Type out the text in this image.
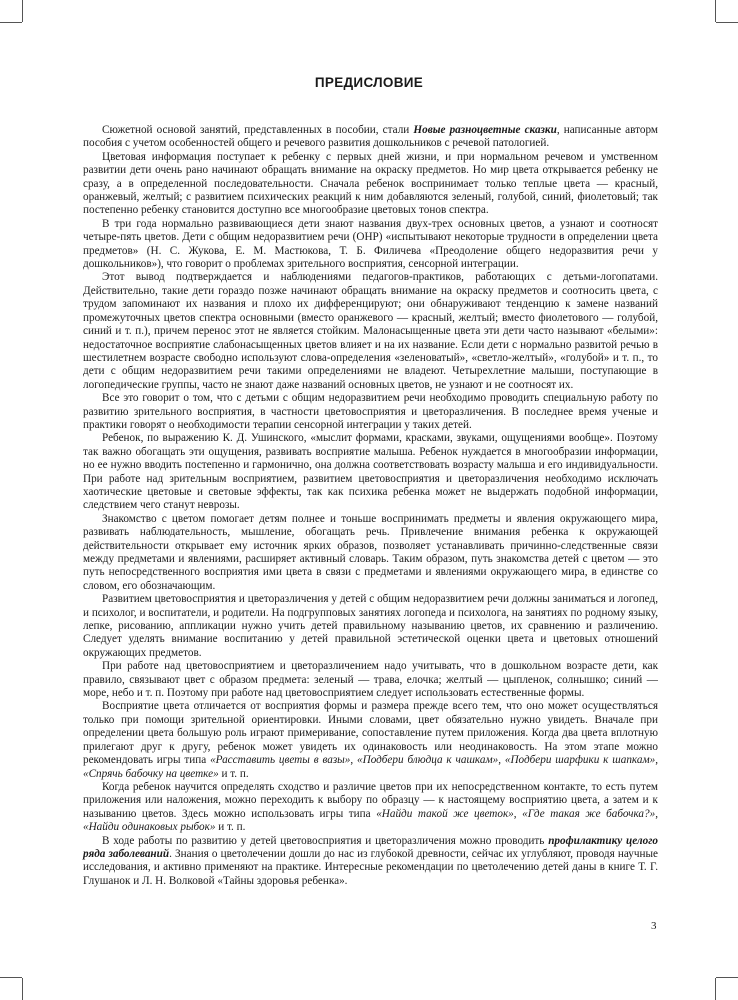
ПРЕДИСЛОВИЕ

Сюжетной основой занятий, представленных в пособии, стали Новые разноцветные сказки, написанные авторм пособия с учетом особенностей общего и речевого развития дошкольников с речевой патологией.

Цветовая информация поступает к ребенку с первых дней жизни, и при нормальном речевом и умственном развитии дети очень рано начинают обращать внимание на окраску предметов. Но мир цвета открывается ребенку не сразу, а в определенной последовательности. Сначала ребенок воспринимает только теплые цвета — красный, оранжевый, желтый; с развитием психических реакций к ним добавляются зеленый, голубой, синий, фиолетовый; так постепенно ребенку становится доступно все многообразие цветовых тонов спектра.

В три года нормально развивающиеся дети знают названия двух-трех основных цветов, а узнают и соотносят четыре-пять цветов. Дети с общим недоразвитием речи (ОНР) «испытывают некоторые трудности в определении цвета предметов» (Н. С. Жукова, Е. М. Мастюкова, Т. Б. Филичева «Преодоление общего недоразвития речи у дошкольников»), что говорит о проблемах зрительного восприятия, сенсорной интеграции.

Этот вывод подтверждается и наблюдениями педагогов-практиков, работающих с детьми-логопатами. Действительно, такие дети гораздо позже начинают обращать внимание на окраску предметов и соотносить цвета, с трудом запоминают их названия и плохо их дифференцируют; они обнаруживают тенденцию к замене названий промежуточных цветов спектра основными (вместо оранжевого — красный, желтый; вместо фиолетового — голубой, синий и т. п.), причем перенос этот не является стойким. Малонасыщенные цвета эти дети часто называют «белыми»: недостаточное восприятие слабонасыщенных цветов влияет и на их название. Если дети с нормально развитой речью в шестилетнем возрасте свободно используют слова-определения «зеленоватый», «светло-желтый», «голубой» и т. п., то дети с общим недоразвитием речи такими определениями не владеют. Четырехлетние малыши, поступающие в логопедические группы, часто не знают даже названий основных цветов, не узнают и не соотносят их.

Все это говорит о том, что с детьми с общим недоразвитием речи необходимо проводить специальную работу по развитию зрительного восприятия, в частности цветовосприятия и цветоразличения. В последнее время ученые и практики говорят о необходимости терапии сенсорной интеграции у таких детей.

Ребенок, по выражению К. Д. Ушинского, «мыслит формами, красками, звуками, ощущениями вообще». Поэтому так важно обогащать эти ощущения, развивать восприятие малыша. Ребенок нуждается в многообразии информации, но ее нужно вводить постепенно и гармонично, она должна соответствовать возрасту малыша и его индивидуальности. При работе над зрительным восприятием, развитием цветовосприятия и цветоразличения необходимо исключать хаотические цветовые и световые эффекты, так как психика ребенка может не выдержать подобной информации, следствием чего станут неврозы.

Знакомство с цветом помогает детям полнее и тоньше воспринимать предметы и явления окружающего мира, развивать наблюдательность, мышление, обогащать речь. Привлечение внимания ребенка к окружающей действительности открывает ему источник ярких образов, позволяет устанавливать причинно-следственные связи между предметами и явлениями, расширяет активный словарь. Таким образом, путь знакомства детей с цветом — это путь непосредственного восприятия ими цвета в связи с предметами и явлениями окружающего мира, в единстве со словом, его обозначающим.

Развитием цветовосприятия и цветоразличения у детей с общим недоразвитием речи должны заниматься и логопед, и психолог, и воспитатели, и родители. На подгрупповых занятиях логопеда и психолога, на занятиях по родному языку, лепке, рисованию, аппликации нужно учить детей правильному называнию цветов, их сравнению и различению. Следует уделять внимание воспитанию у детей правильной эстетической оценки цвета и цветовых отношений окружающих предметов.

При работе над цветовосприятием и цветоразличением надо учитывать, что в дошкольном возрасте дети, как правило, связывают цвет с образом предмета: зеленый — трава, елочка; желтый — цыпленок, солнышко; синий — море, небо и т. п. Поэтому при работе над цветовосприятием следует использовать естественные формы.

Восприятие цвета отличается от восприятия формы и размера прежде всего тем, что оно может осуществляться только при помощи зрительной ориентировки. Иными словами, цвет обязательно нужно увидеть. Вначале при определении цвета большую роль играют примеривание, сопоставление путем приложения. Когда два цвета вплотную прилегают друг к другу, ребенок может увидеть их одинаковость или неодинаковость. На этом этапе можно рекомендовать игры типа «Расставить цветы в вазы», «Подбери блюдца к чашкам», «Подбери шарфики к шапкам», «Спрячь бабочку на цветке» и т. п.

Когда ребенок научится определять сходство и различие цветов при их непосредственном контакте, то есть путем приложения или наложения, можно переходить к выбору по образцу — к настоящему восприятию цвета, а затем и к называнию цветов. Здесь можно использовать игры типа «Найди такой же цветок», «Где такая же бабочка?», «Найди одинаковых рыбок» и т. п.

В ходе работы по развитию у детей цветовосприятия и цветоразличения можно проводить профилактику целого ряда заболеваний. Знания о цветолечении дошли до нас из глубокой древности, сейчас их углубляют, проводя научные исследования, и активно применяют на практике. Интересные рекомендации по цветолечению детей даны в книге Т. Г. Глушанок и Л. Н. Волковой «Тайны здоровья ребенка».

3
